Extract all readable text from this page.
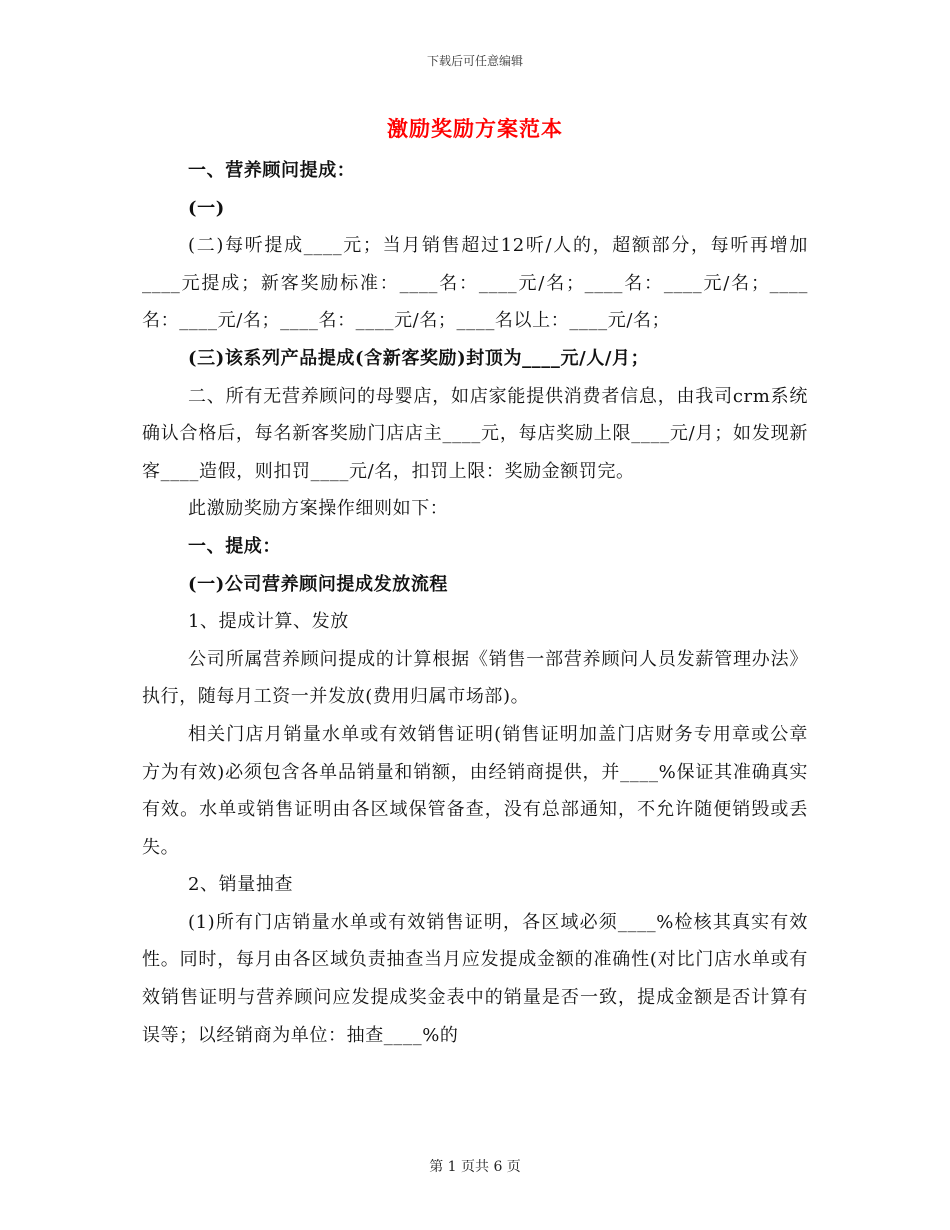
下载后可任意编辑
激励奖励方案范本

一、营养顾问提成：

(一)

(二)每听提成____元；当月销售超过12听/人的，超额部分，每听再增加____元提成；新客奖励标准：____名：____元/名；____名：____元/名；____名：____元/名；____名：____元/名；____名以上：____元/名；

(三)该系列产品提成(含新客奖励)封顶为____元/人/月；

二、所有无营养顾问的母婴店，如店家能提供消费者信息，由我司crm系统确认合格后，每名新客奖励门店店主____元，每店奖励上限____元/月；如发现新客____造假，则扣罚____元/名，扣罚上限：奖励金额罚完。

此激励奖励方案操作细则如下：

一、提成：

(一)公司营养顾问提成发放流程

1、提成计算、发放

公司所属营养顾问提成的计算根据《销售一部营养顾问人员发薪管理办法》执行，随每月工资一并发放(费用归属市场部)。

相关门店月销量水单或有效销售证明(销售证明加盖门店财务专用章或公章方为有效)必须包含各单品销量和销额，由经销商提供，并____%保证其准确真实有效。水单或销售证明由各区域保管备查，没有总部通知，不允许随便销毁或丢失。

2、销量抽查

(1)所有门店销量水单或有效销售证明，各区域必须____%检核其真实有效性。同时，每月由各区域负责抽查当月应发提成金额的准确性(对比门店水单或有效销售证明与营养顾问应发提成奖金表中的销量是否一致，提成金额是否计算有误等；以经销商为单位：抽查____%的

第 1 页共 6 页
